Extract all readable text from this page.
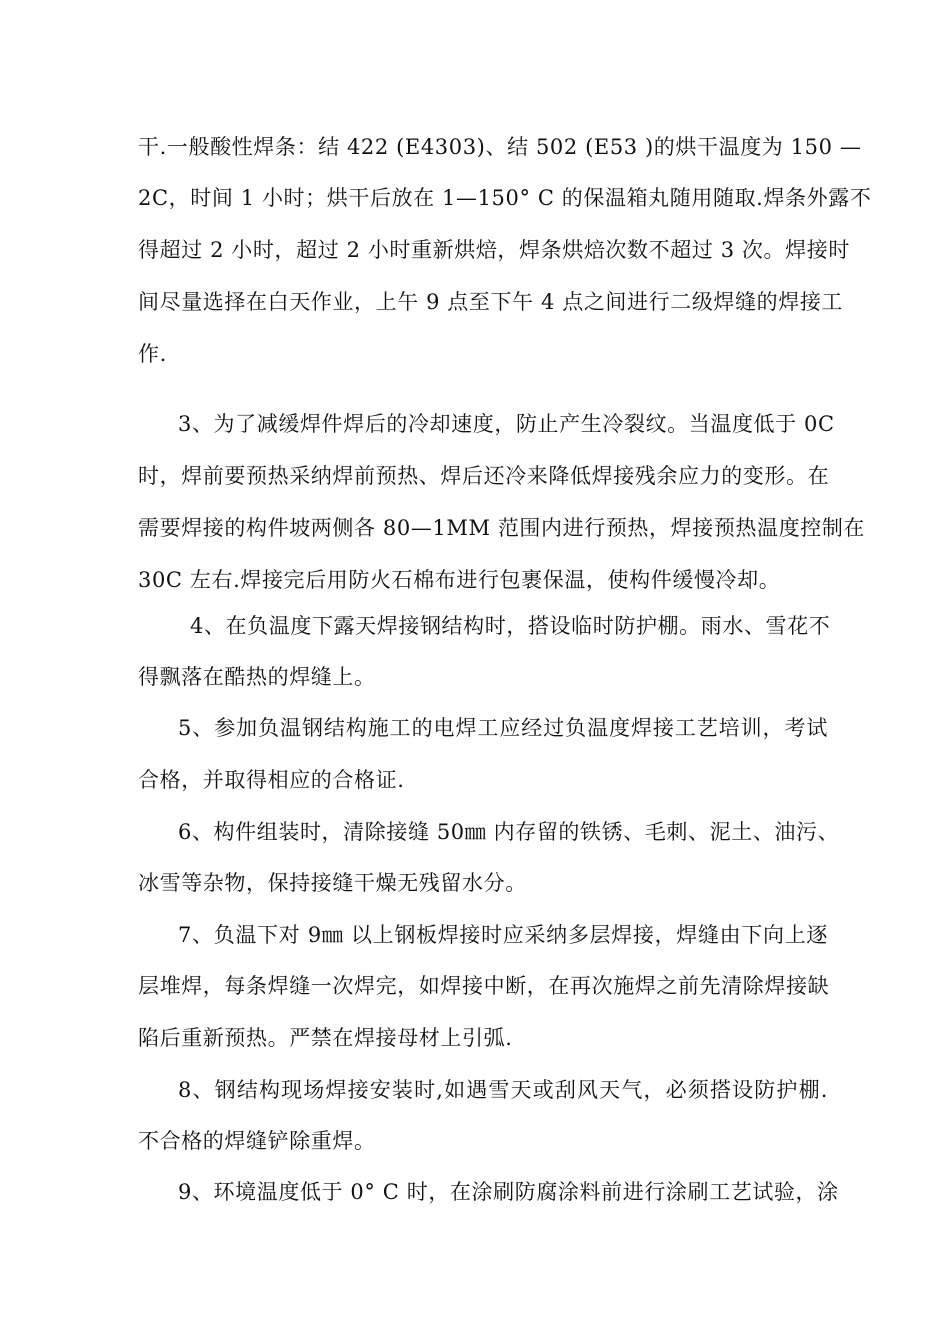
干.一般酸性焊条：结 422 (E4303)、结 502 (E53 )的烘干温度为 150 —
2C，时间 1 小时；烘干后放在 1—150° C 的保温箱丸随用随取.焊条外露不
得超过 2 小时，超过 2 小时重新烘焙，焊条烘焙次数不超过 3 次。焊接时
间尽量选择在白天作业，上午 9 点至下午 4 点之间进行二级焊缝的焊接工
作.
3、为了减缓焊件焊后的冷却速度，防止产生冷裂纹。当温度低于 0C
时，焊前要预热采纳焊前预热、焊后还冷来降低焊接残余应力的变形。在
需要焊接的构件坡两侧各 80—1MM 范围内进行预热，焊接预热温度控制在
30C 左右.焊接完后用防火石棉布进行包裹保温，使构件缓慢冷却。
4、在负温度下露天焊接钢结构时，搭设临时防护棚。雨水、雪花不
得飘落在酷热的焊缝上。
5、参加负温钢结构施工的电焊工应经过负温度焊接工艺培训，考试
合格，并取得相应的合格证.
6、构件组装时，清除接缝 50㎜ 内存留的铁锈、毛刺、泥土、油污、
冰雪等杂物，保持接缝干燥无残留水分。
7、负温下对 9㎜ 以上钢板焊接时应采纳多层焊接，焊缝由下向上逐
层堆焊，每条焊缝一次焊完，如焊接中断，在再次施焊之前先清除焊接缺
陷后重新预热。严禁在焊接母材上引弧.
8、钢结构现场焊接安装时,如遇雪天或刮风天气，必须搭设防护棚.
不合格的焊缝铲除重焊。
9、环境温度低于 0° C 时，在涂刷防腐涂料前进行涂刷工艺试验，涂
